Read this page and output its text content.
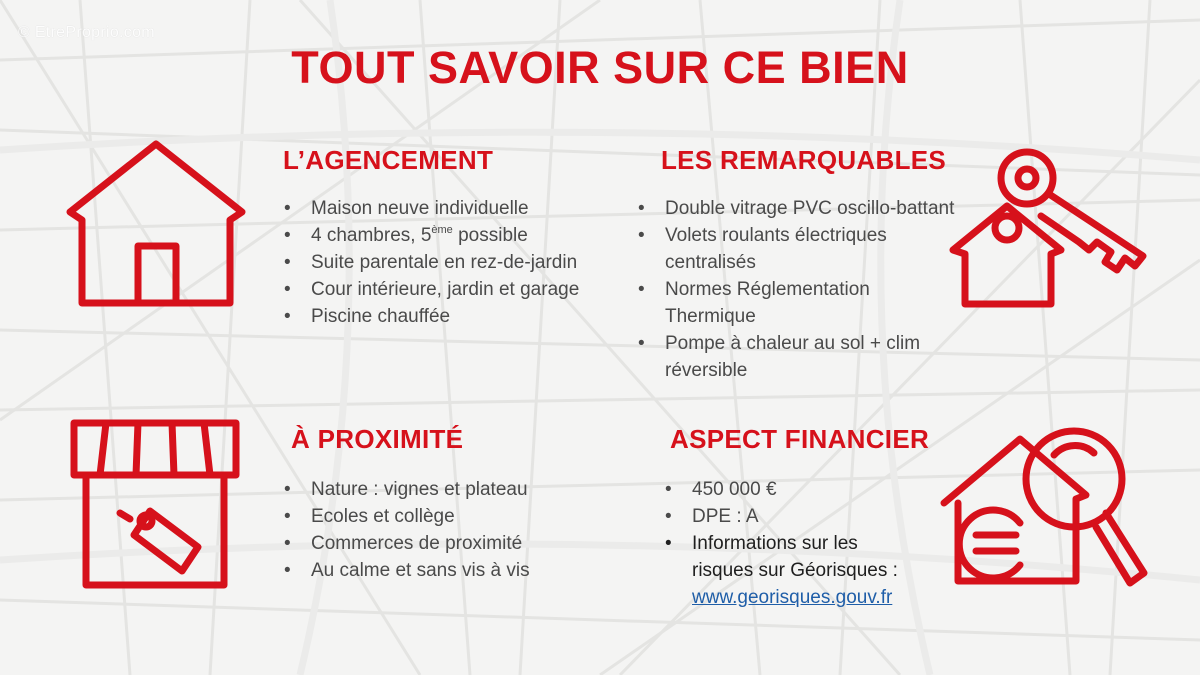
© EtreProprio.com
TOUT SAVOIR SUR CE BIEN
L’AGENCEMENT
• Maison neuve individuelle
• 4 chambres, 5ème possible
• Suite parentale en rez-de-jardin
• Cour intérieure, jardin et garage
• Piscine chauffée
LES REMARQUABLES
• Double vitrage PVC oscillo-battant
• Volets roulants électriques
centralisés
• Normes Réglementation
Thermique
• Pompe à chaleur au sol + clim
réversible
À PROXIMITÉ
• Nature : vignes et plateau
• Ecoles et collège
• Commerces de proximité
• Au calme et sans vis à vis
ASPECT FINANCIER
• 450 000 €
• DPE : A
• Informations sur les
risques sur Géorisques :
www.georisques.gouv.fr
